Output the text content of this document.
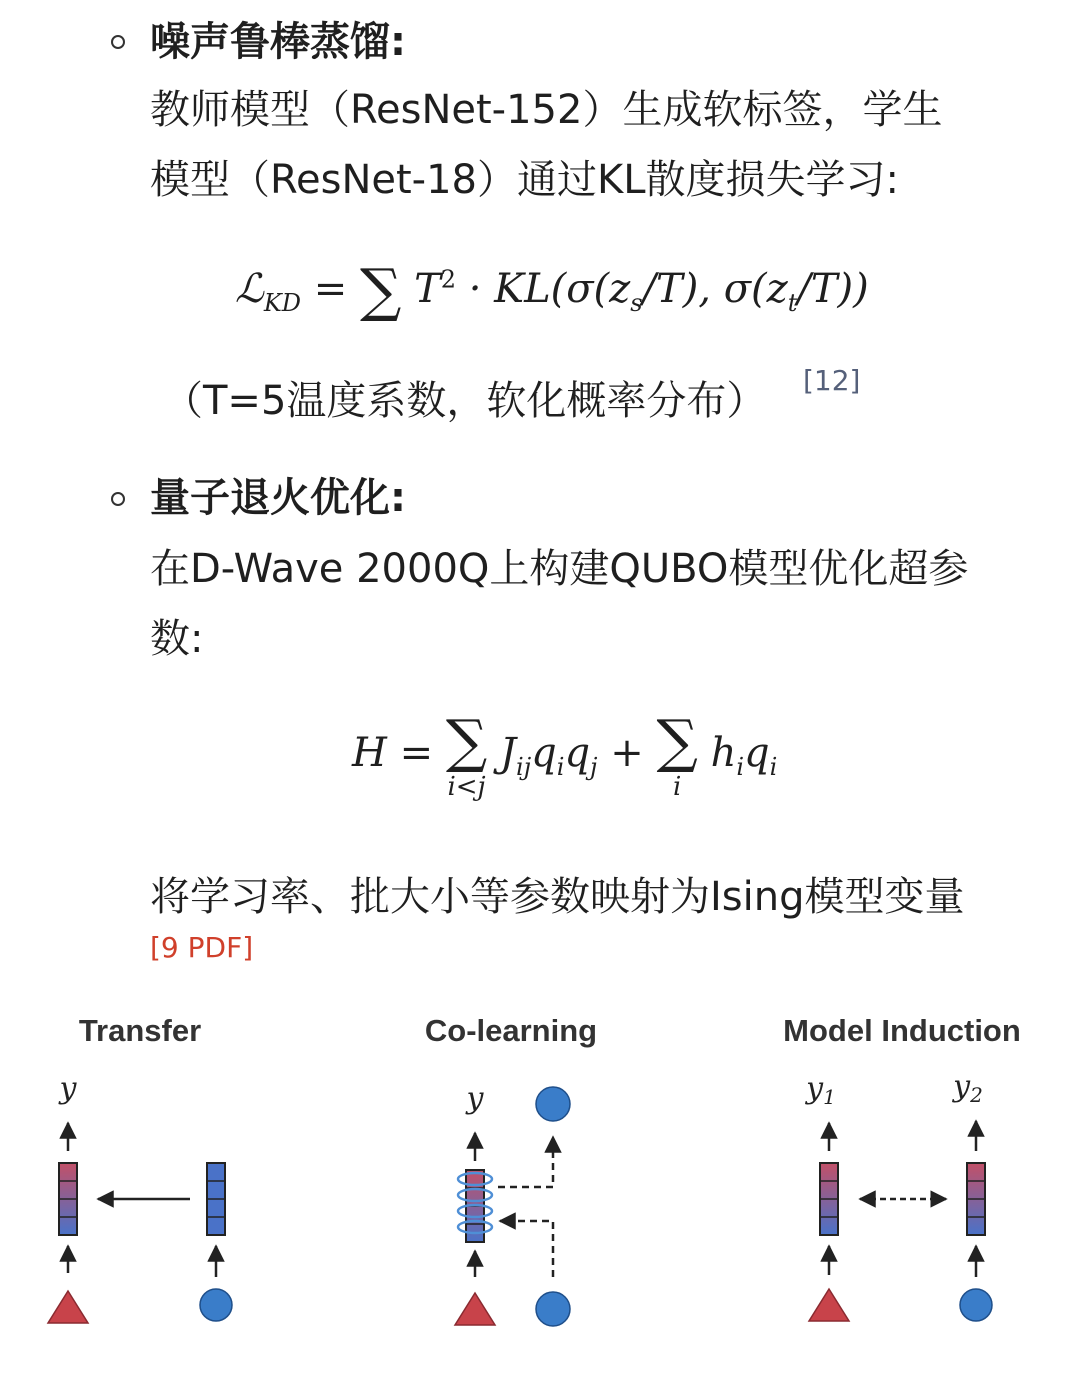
噪声鲁棒蒸馏:
教师模型（ResNet-152）生成软标签，学生
模型（ResNet-18）通过KL散度损失学习:
ℒ$_{KD}$ = ∑ $T^2 \cdot KL(\sigma(z_s/T)$, $\sigma(z_t/T)$)
（T=5温度系数，软化概率分布） [12]
量子退火优化:
在D-Wave 2000Q上构建QUBO模型优化超参
数:
H = ∑
i<j
$J_{ij}q_iq_j$ + ∑
i
$h_iq_i$
将学习率、批大小等参数映射为Ising模型变量
[9 PDF]
Transfer	Co-learning	Model Induction
y	y	$y_1$	$y_2$
